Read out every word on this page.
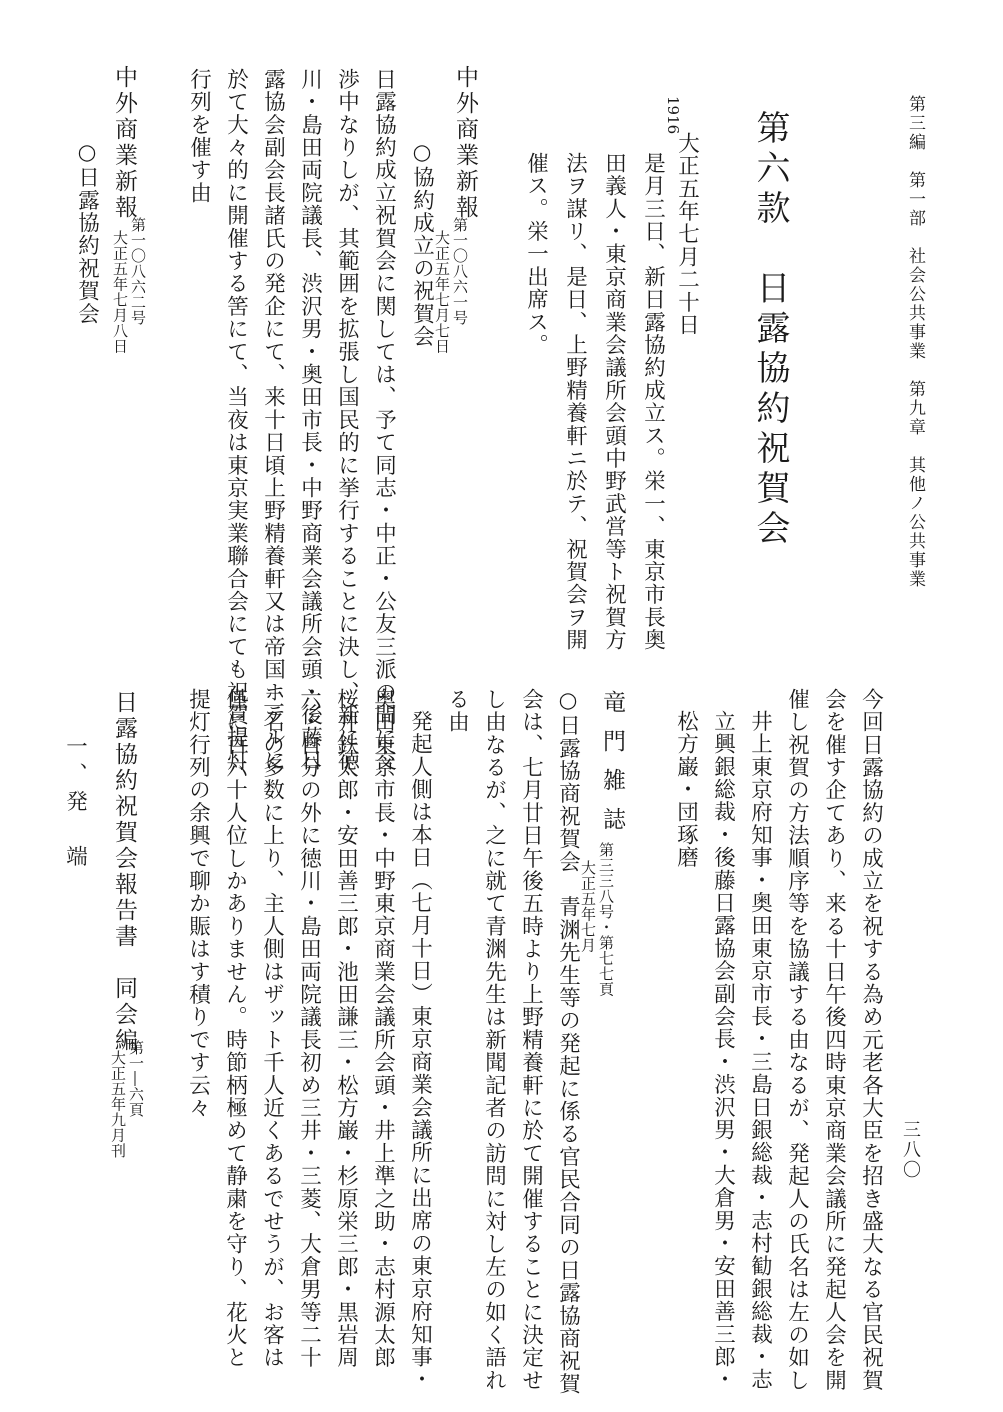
第三編　第一部　社会公共事業　第九章　其他ノ公共事業
第六款　日露協約祝賀会
1916
大正五年七月二十日
是月三日、新日露協約成立ス。栄一、東京市長奥
田義人・東京商業会議所会頭中野武営等ト祝賀方
法ヲ謀リ、是日、上野精養軒ニ於テ、祝賀会ヲ開
催ス。栄一出席ス。
中外商業新報
第一〇八六一号
大正五年七月七日
○協約成立の祝賀会
日露協約成立祝賀会に関しては、予て同志・中正・公友三派の間に交
渉中なりしが、其範囲を拡張し国民的に挙行することに決し、新に徳
川・島田両院議長、渋沢男・奥田市長・中野商業会議所会頭・後藤日
露協会副会長諸氏の発企にて、来十日頃上野精養軒又は帝国ホテルに
於て大々的に開催する筈にて、当夜は東京実業聯合会にても祝賀提灯
行列を催す由
中外商業新報
第一〇八六二号
大正五年七月八日
○日露協約祝賀会
三八〇
今回日露協約の成立を祝する為め元老各大臣を招き盛大なる官民祝賀
会を催す企てあり、来る十日午後四時東京商業会議所に発起人会を開
催し祝賀の方法順序等を協議する由なるが、発起人の氏名は左の如し
井上東京府知事・奥田東京市長・三島日銀総裁・志村勧銀総裁・志
立興銀総裁・後藤日露協会副会長・渋沢男・大倉男・安田善三郎・
松方巌・団琢磨
竜門雑誌
第三三八号・第七七頁
大正五年七月
○日露協商祝賀会　青渊先生等の発起に係る官民合同の日露協商祝賀
会は、七月廿日午後五時より上野精養軒に於て開催することに決定せ
し由なるが、之に就て青渊先生は新聞記者の訪問に対し左の如く語れ
る由
発起人側は本日（七月十日）東京商業会議所に出席の東京府知事・
奥田東京市長・中野東京商業会議所会頭・井上準之助・志村源太郎
桜井鉄太郎・安田善三郎・池田謙三・松方巌・杉原栄三郎・黒岩周
六・自分の外に徳川・島田両院議長初め三井・三菱、大倉男等二十
二名の多数に上り、主人側はザット千人近くあるでせうが、お客は
僅に百六十人位しかありません。時節柄極めて静粛を守り、花火と
提灯行列の余興で聊か賑はす積りです云々
日露協約祝賀会報告書　同会編
第一―六頁
大正五年九月刊
一、発　端
